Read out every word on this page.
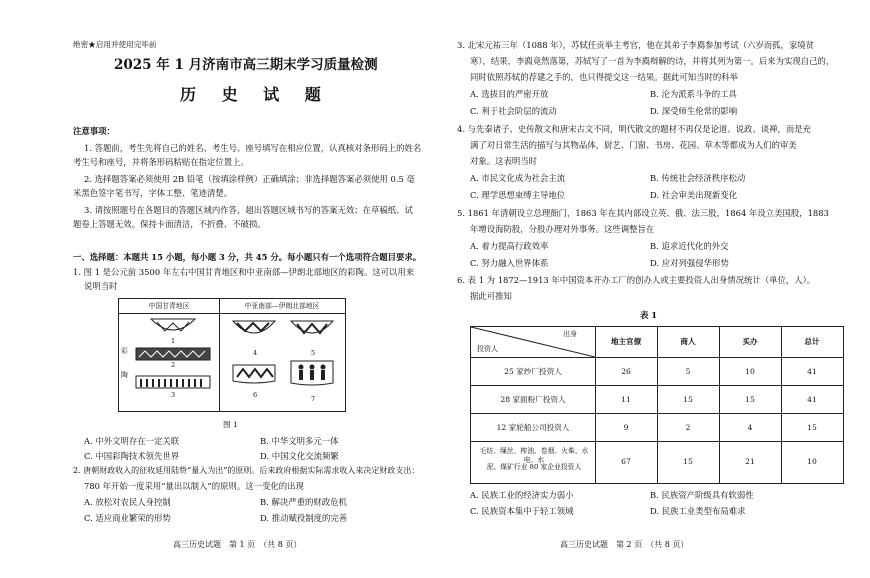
绝密★启用并使用完毕前
2025 年 1 月济南市高三期末学习质量检测
历 史 试 题
注意事项：
1. 答题前，考生先将自己的姓名、考生号、座号填写在相应位置，认真核对条形码上的姓名
考生号和座号，并将条形码粘贴在指定位置上。
2. 选择题答案必须使用 2B 铅笔（按填涂样例）正确填涂；非选择题答案必须使用 0.5 毫
米黑色签字笔书写，字体工整、笔迹清楚。
3. 请按照题号在各题目的答题区域内作答，超出答题区域书写的答案无效；在草稿纸、试
题卷上答题无效。保持卡面清洁，不折叠、不破损。
一、选择题：本题共 15 小题，每小题 3 分，共 45 分。每小题只有一个选项符合题目要求。
1. 图 1 是公元前 3500 年左右中国甘青地区和中亚南部—伊朗北部地区的彩陶。这可以用来
说明当时
中国甘青地区	中亚南部—伊朗北部地区
彩陶
1
2
3
4	5
6	7
图 1
A. 中外文明存在一定关联	B. 中华文明多元一体
C. 中国彩陶技术领先世界	D. 中国文化交流频繁
2. 唐朝财政收入的征收延用陆贽“量入为出”的原则。后来政府根据实际需求收入来决定财政支出：
780 年开始一度采用“量出以制入”的原则。这一变化的出现
A. 放松对农民人身控制	B. 解决严重的财政危机
C. 适应商业繁荣的形势	D. 推动赋役制度的完善
高三历史试题　第 1 页　（共 8 页）
3. 北宋元祐三年（1088 年），苏轼任贡举主考官，他在其弟子李廌参加考试（六岁而孤，家境贫
寒），结果，李廌竟然落第，苏轼写了一首为李廌辩解的诗，并将其列为第一。后来为实现自己的，
同时依照苏轼的荐建之手的，也只得提交这一结果。据此可知当时的科举
A. 选拔目的严密开放	B. 沦为派系斗争的工具
C. 利于社会阶层的流动	D. 深受师生伦常的影响
4. 与先秦诸子、史传散文和唐宋古文不同，明代散文的题材不再仅是论道、说政、谈禅，而是充
满了对日常生活的描写与其物品体，厨艺、门窗、书房、花园、草木等都成为人们的审美
对象。这表明当时
A. 市民文化成为社会主流	B. 传统社会经济秩序松动
C. 理学思想束缚主导地位	D. 社会审美出现新变化
5. 1861 年清朝设立总理衙门，1863 年在其内部设立英、俄、法三股，1864 年设立美国股，1883
年增设海防股，分股办理对外事务。这些调整旨在
A. 着力提高行政效率	B. 追求近代化的外交
C. 努力融入世界体系	D. 应对列强侵华形势
6. 表 1 为 1872—1913 年中国资本开办工厂的创办人或主要投资人出身情况统计（单位，人）。
据此可推知
表 1
出身
投资人
地主官僚	商人	买办	总计
25 家纱厂投资人	26	5	10	41
28 家面粉厂投资人	11	15	15	41
12 家轮船公司投资人	9	2	4	15
毛纺、缫丝、榨油、卷烟、火柴、水电、水
泥、煤矿行业 80 家企业投资人
67	15	21	10
A. 民族工业的经济实力弱小	B. 民族资产阶级具有软弱性
C. 民族资本集中于轻工领域	D. 民族工业类型布局难求
高三历史试题　第 2 页　（共 8 页）
